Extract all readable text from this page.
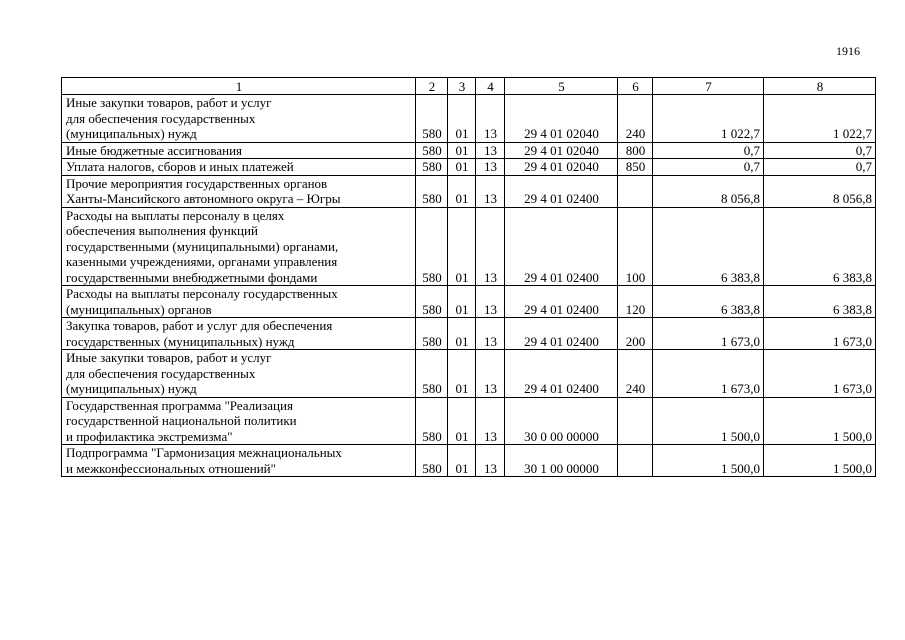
1916
1	2	3	4	5	6	7	8

Иные закупки товаров, работ и услуг
для обеспечения государственных
(муниципальных) нужд	580	01	13	29 4 01 02040	240	1 022,7	1 022,7

Иные бюджетные ассигнования	580	01	13	29 4 01 02040	800	0,7	0,7

Уплата налогов, сборов и иных платежей	580	01	13	29 4 01 02040	850	0,7	0,7

Прочие мероприятия государственных органов
Ханты-Мансийского автономного округа – Югры	580	01	13	29 4 01 02400		8 056,8	8 056,8

Расходы на выплаты персоналу в целях
обеспечения выполнения функций
государственными (муниципальными) органами,
казенными учреждениями, органами управления
государственными внебюджетными фондами	580	01	13	29 4 01 02400	100	6 383,8	6 383,8

Расходы на выплаты персоналу государственных
(муниципальных) органов	580	01	13	29 4 01 02400	120	6 383,8	6 383,8

Закупка товаров, работ и услуг для обеспечения
государственных (муниципальных) нужд	580	01	13	29 4 01 02400	200	1 673,0	1 673,0

Иные закупки товаров, работ и услуг
для обеспечения государственных
(муниципальных) нужд	580	01	13	29 4 01 02400	240	1 673,0	1 673,0

Государственная программа "Реализация
государственной национальной политики
и профилактика экстремизма"	580	01	13	30 0 00 00000		1 500,0	1 500,0

Подпрограмма "Гармонизация межнациональных
и межконфессиональных отношений"	580	01	13	30 1 00 00000		1 500,0	1 500,0
